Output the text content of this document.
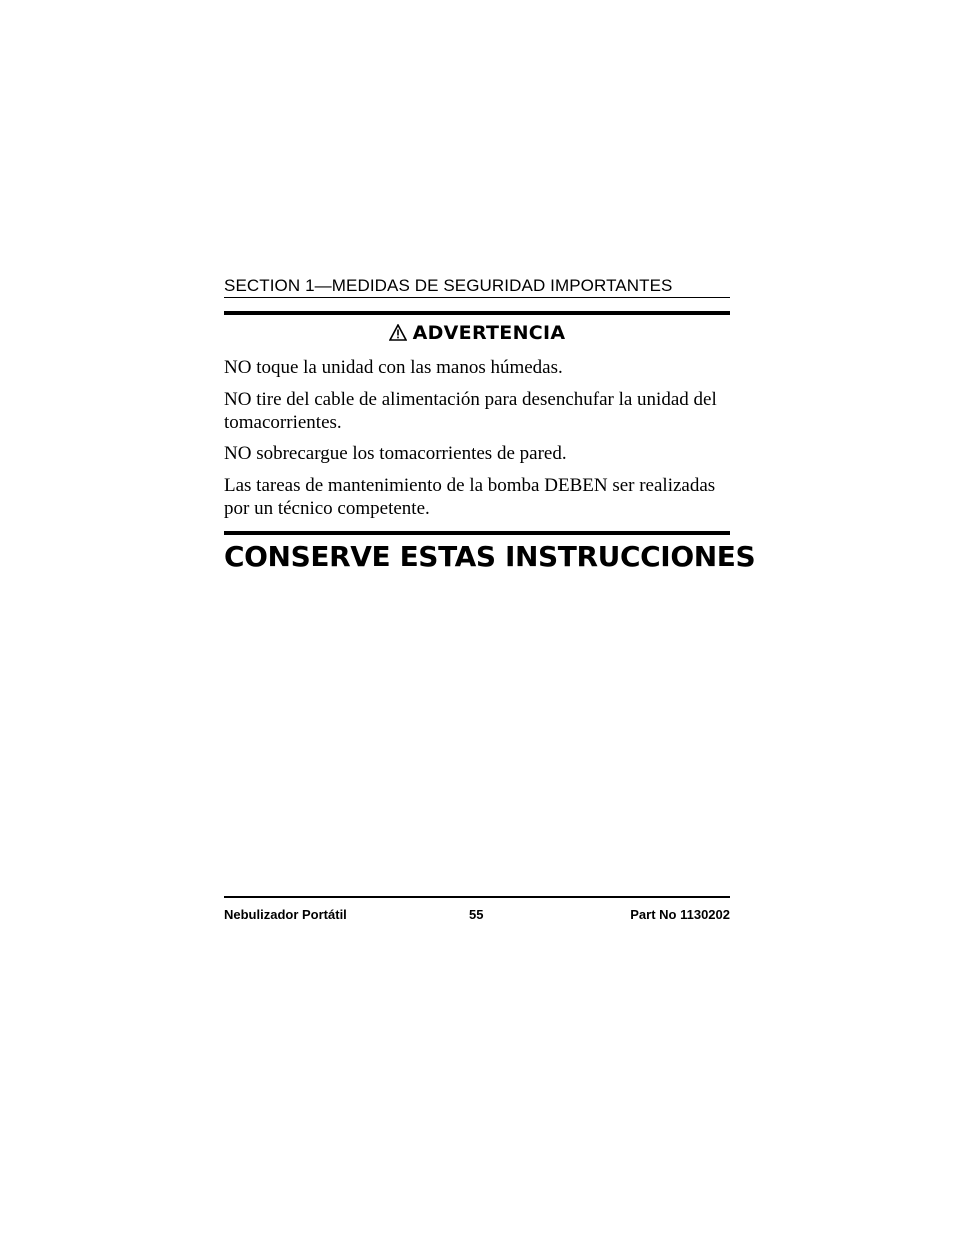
SECTION 1—MEDIDAS DE SEGURIDAD IMPORTANTES
ADVERTENCIA
NO toque la unidad con las manos húmedas.
NO tire del cable de alimentación para desenchufar la unidad del tomacorrientes.
NO sobrecargue los tomacorrientes de pared.
Las tareas de mantenimiento de la bomba DEBEN ser realizadas por un técnico competente.
CONSERVE ESTAS INSTRUCCIONES
Nebulizador Portátil	55	Part No 1130202
